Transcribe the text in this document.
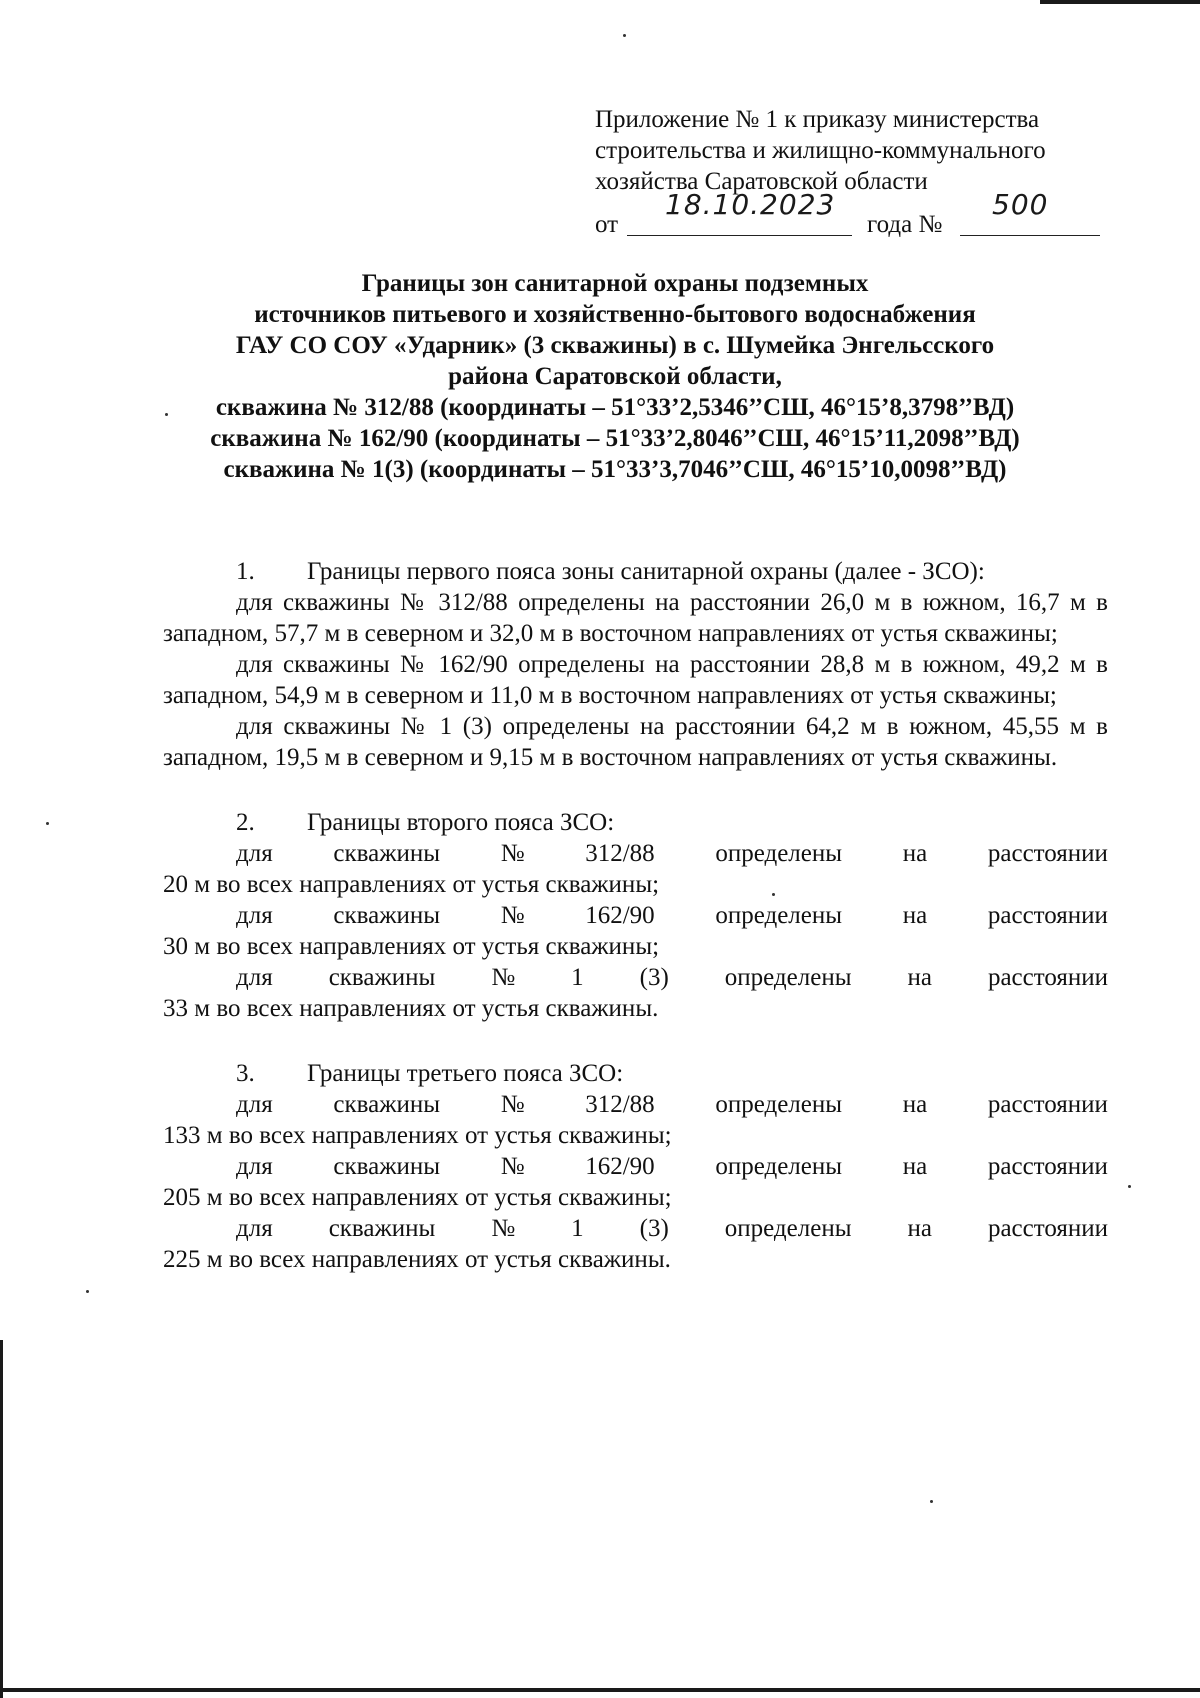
Приложение № 1 к приказу министерства
строительства и жилищно-коммунального
хозяйства Саратовской области
от
18.10.2023
года №
500
Границы зон санитарной охраны подземных
источников питьевого и хозяйственно-бытового водоснабжения
ГАУ СО СОУ «Ударник» (3 скважины) в с. Шумейка Энгельсского
района Саратовской области,
скважина № 312/88 (координаты – 51°33’2,5346’’СШ, 46°15’8,3798’’ВД)
скважина № 162/90 (координаты – 51°33’2,8046’’СШ, 46°15’11,2098’’ВД)
скважина № 1(3) (координаты – 51°33’3,7046’’СШ, 46°15’10,0098’’ВД)
1. Границы первого пояса зоны санитарной охраны (далее - ЗСО):

для скважины № 312/88 определены на расстоянии 26,0 м в южном, 16,7 м в западном, 57,7 м в северном и 32,0 м в восточном направлениях от устья скважины;

для скважины № 162/90 определены на расстоянии 28,8 м в южном, 49,2 м в западном, 54,9 м в северном и 11,0 м в восточном направлениях от устья скважины;

для скважины № 1 (3) определены на расстоянии 64,2 м в южном, 45,55 м в западном, 19,5 м в северном и 9,15 м в восточном направлениях от устья скважины.

2. Границы второго пояса ЗСО:
для скважины № 312/88 определены на расстоянии
20 м во всех направлениях от устья скважины;
для скважины № 162/90 определены на расстоянии
30 м во всех направлениях от устья скважины;
для скважины № 1 (3) определены на расстоянии
33 м во всех направлениях от устья скважины.
3. Границы третьего пояса ЗСО:
для скважины № 312/88 определены на расстоянии
133 м во всех направлениях от устья скважины;
для скважины № 162/90 определены на расстоянии
205 м во всех направлениях от устья скважины;
для скважины № 1 (3) определены на расстоянии
225 м во всех направлениях от устья скважины.
